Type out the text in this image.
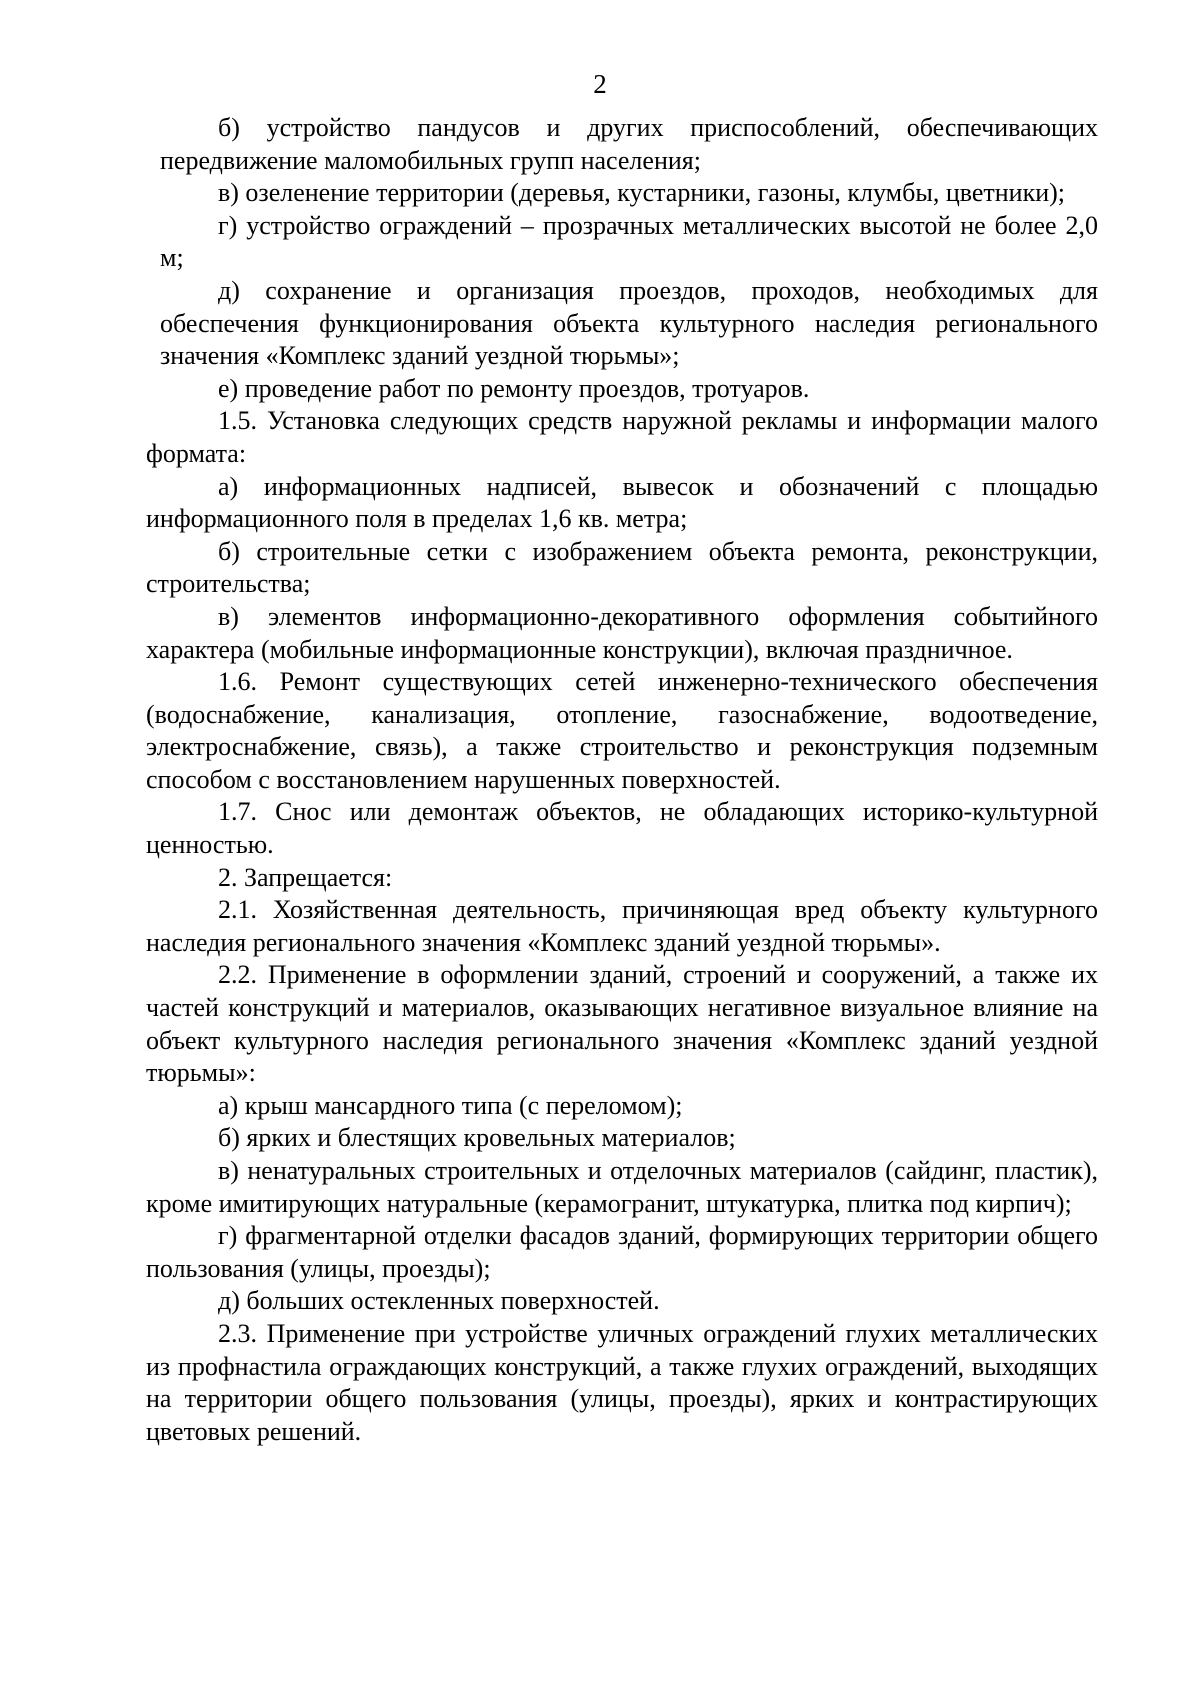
2

б) устройство пандусов и других приспособлений, обеспечивающих передвижение маломобильных групп населения;

в) озеленение территории (деревья, кустарники, газоны, клумбы, цветники);

г) устройство ограждений – прозрачных металлических высотой не более 2,0 м;

д) сохранение и организация проездов, проходов, необходимых для обеспечения функционирования объекта культурного наследия регионального значения «Комплекс зданий уездной тюрьмы»;

е) проведение работ по ремонту проездов, тротуаров.

1.5. Установка следующих средств наружной рекламы и информации малого формата:

а) информационных надписей, вывесок и обозначений с площадью информационного поля в пределах 1,6 кв. метра;

б) строительные сетки с изображением объекта ремонта, реконструкции, строительства;

в) элементов информационно-декоративного оформления событийного характера (мобильные информационные конструкции), включая праздничное.

1.6. Ремонт существующих сетей инженерно-технического обеспечения (водоснабжение, канализация, отопление, газоснабжение, водоотведение, электроснабжение, связь), а также строительство и реконструкция подземным способом с восстановлением нарушенных поверхностей.

1.7. Снос или демонтаж объектов, не обладающих историко-культурной ценностью.

2. Запрещается:

2.1. Хозяйственная деятельность, причиняющая вред объекту культурного наследия регионального значения «Комплекс зданий уездной тюрьмы».

2.2. Применение в оформлении зданий, строений и сооружений, а также их частей конструкций и материалов, оказывающих негативное визуальное влияние на объект культурного наследия регионального значения «Комплекс зданий уездной тюрьмы»:

а) крыш мансардного типа (с переломом);

б) ярких и блестящих кровельных материалов;

в) ненатуральных строительных и отделочных материалов (сайдинг, пластик), кроме имитирующих натуральные (керамогранит, штукатурка, плитка под кирпич);

г) фрагментарной отделки фасадов зданий, формирующих территории общего пользования (улицы, проезды);

д) больших остекленных поверхностей.

2.3. Применение при устройстве уличных ограждений глухих металлических из профнастила ограждающих конструкций, а также глухих ограждений, выходящих на территории общего пользования (улицы, проезды), ярких и контрастирующих цветовых решений.
